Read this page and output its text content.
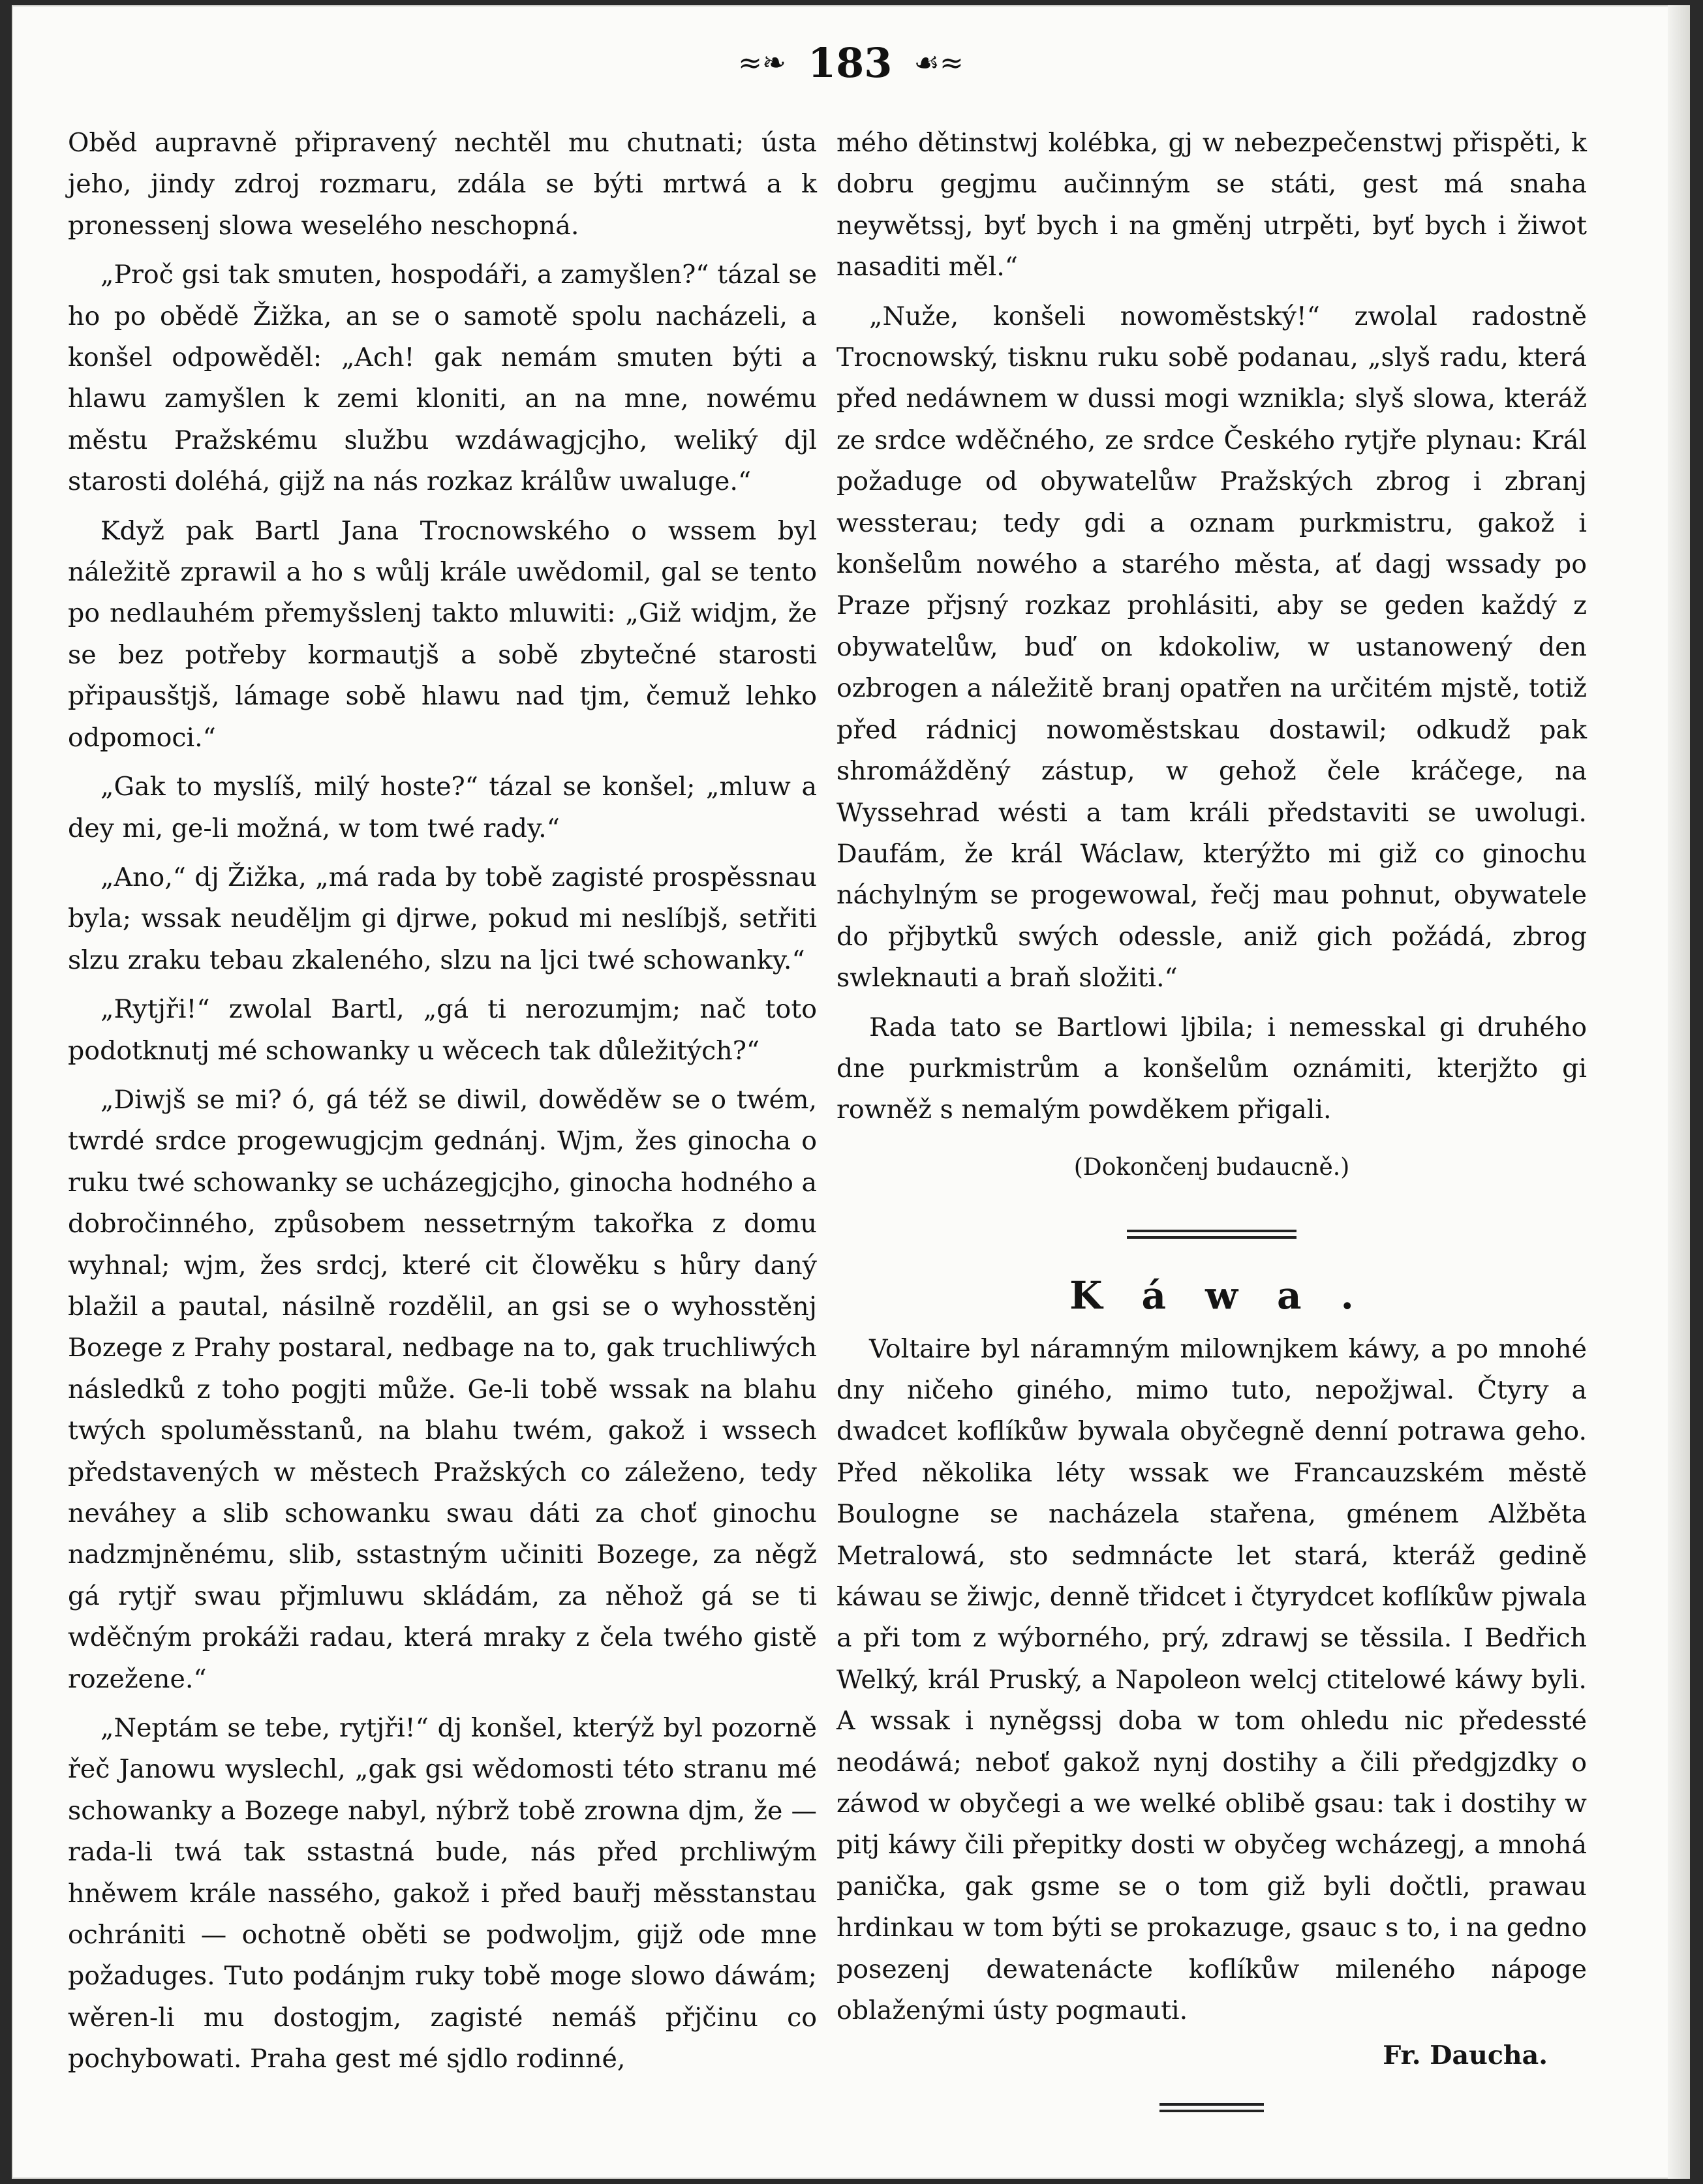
≈❧ 183 ☙≈

Oběd aupravně připravený nechtěl mu chutnati; ústa jeho, jindy zdroj rozmaru, zdála se býti mrtwá a k pronessenj slowa weselého neschopná.

„Proč gsi tak smuten, hospodáři, a zamyšlen?“ tázal se ho po obědě Žižka, an se o samotě spolu nacházeli, a konšel odpowěděl: „Ach! gak nemám smuten býti a hlawu zamyšlen k zemi kloniti, an na mne, nowému městu Pražskému službu wzdáwagjcjho, weliký djl starosti doléhá, gijž na nás rozkaz králůw uwaluge.“

Když pak Bartl Jana Trocnowského o wssem byl náležitě zprawil a ho s wůlj krále uwědomil, gal se tento po nedlauhém přemyšslenj takto mluwiti: „Giž widjm, že se bez potřeby kormautjš a sobě zbytečné starosti připausštjš, lámage sobě hlawu nad tjm, čemuž lehko odpomoci.“

„Gak to myslíš, milý hoste?“ tázal se konšel; „mluw a dey mi, ge-li možná, w tom twé rady.“

„Ano,“ dj Žižka, „má rada by tobě zagisté prospěssnau byla; wssak neuděljm gi djrwe, pokud mi neslíbjš, setřiti slzu zraku tebau zkaleného, slzu na ljci twé schowanky.“

„Rytjři!“ zwolal Bartl, „gá ti nerozumjm; nač toto podotknutj mé schowanky u wěcech tak důležitých?“

„Diwjš se mi? ó, gá též se diwil, dowěděw se o twém, twrdé srdce progewugjcjm gednánj. Wjm, žes ginocha o ruku twé schowanky se ucházegjcjho, ginocha hodného a dobročinného, způsobem nessetrným takořka z domu wyhnal; wjm, žes srdcj, které cit člowěku s hůry daný blažil a pautal, násilně rozdělil, an gsi se o wyhosstěnj Bozege z Prahy postaral, nedbage na to, gak truchliwých následků z toho pogjti může. Ge-li tobě wssak na blahu twých spoluměsstanů, na blahu twém, gakož i wssech představených w městech Pražských co záleženo, tedy neváhey a slib schowanku swau dáti za choť ginochu nadzmjněnému, slib, sstastným učiniti Bozege, za něgž gá rytjř swau přjmluwu skládám, za něhož gá se ti wděčným prokáži radau, která mraky z čela twého gistě rozežene.“

„Neptám se tebe, rytjři!“ dj konšel, kterýž byl pozorně řeč Janowu wyslechl, „gak gsi wědomosti této stranu mé schowanky a Bozege nabyl, nýbrž tobě zrowna djm, že — rada-li twá tak sstastná bude, nás před prchliwým hněwem krále nassého, gakož i před bauřj měsstanstau ochrániti — ochotně oběti se podwoljm, gijž ode mne požaduges. Tuto podánjm ruky tobě moge slowo dáwám; wěren-li mu dostogjm, zagisté nemáš přjčinu co pochybowati. Praha gest mé sjdlo rodinné,

mého dětinstwj kolébka, gj w nebezpečenstwj přispěti, k dobru gegjmu aučinným se státi, gest má snaha neywětssj, byť bych i na gměnj utrpěti, byť bych i žiwot nasaditi měl.“

„Nuže, konšeli nowoměstský!“ zwolal radostně Trocnowský, tisknu ruku sobě podanau, „slyš radu, která před nedáwnem w dussi mogi wznikla; slyš slowa, kteráž ze srdce wděčného, ze srdce Českého rytjře plynau: Král požaduge od obywatelůw Pražských zbrog i zbranj wessterau; tedy gdi a oznam purkmistru, gakož i konšelům nowého a starého města, ať dagj wssady po Praze přjsný rozkaz prohlásiti, aby se geden každý z obywatelůw, buď on kdokoliw, w ustanowený den ozbrogen a náležitě branj opatřen na určitém mjstě, totiž před rádnicj nowoměstskau dostawil; odkudž pak shromážděný zástup, w gehož čele kráčege, na Wyssehrad wésti a tam králi představiti se uwolugi. Daufám, že král Wáclaw, kterýžto mi giž co ginochu náchylným se progewowal, řečj mau pohnut, obywatele do přjbytků swých odessle, aniž gich požádá, zbrog swleknauti a braň složiti.“

Rada tato se Bartlowi ljbila; i nemesskal gi druhého dne purkmistrům a konšelům oznámiti, kterjžto gi rowněž s nemalým powděkem přigali.

(Dokončenj budaucně.)

Káwa.

Voltaire byl náramným milownjkem káwy, a po mnohé dny ničeho giného, mimo tuto, nepožjwal. Čtyry a dwadcet koflíkůw bywala obyčegně denní potrawa geho. Před několika léty wssak we Francauzském městě Boulogne se nacházela stařena, gménem Alžběta Metralowá, sto sedmnácte let stará, kteráž gedině káwau se žiwjc, denně třidcet i čtyrydcet koflíkůw pjwala a při tom z wýborného, prý, zdrawj se těssila. I Bedřich Welký, král Pruský, a Napoleon welcj ctitelowé káwy byli. A wssak i nyněgssj doba w tom ohledu nic předessté neodáwá; neboť gakož nynj dostihy a čili předgjzdky o záwod w obyčegi a we welké oblibě gsau: tak i dostihy w pitj káwy čili přepitky dosti w obyčeg wcházegj, a mnohá panička, gak gsme se o tom giž byli dočtli, prawau hrdinkau w tom býti se prokazuge, gsauc s to, i na gedno posezenj dewatenácte koflíkůw mileného nápoge oblaženými ústy pogmauti.

Fr. Daucha.
